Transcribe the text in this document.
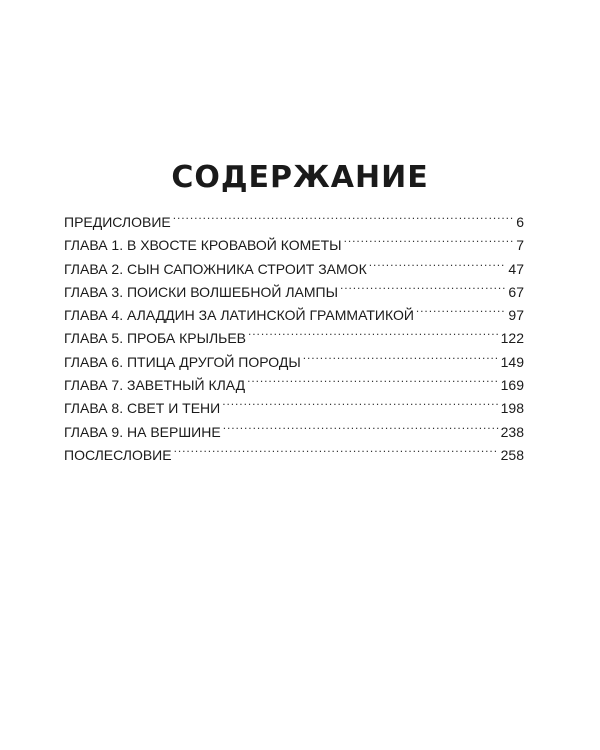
СОДЕРЖАНИЕ
ПРЕДИСЛОВИЕ . . .	6
ГЛАВА 1. В ХВОСТЕ КРОВАВОЙ КОМЕТЫ . . .	7
ГЛАВА 2. СЫН САПОЖНИКА СТРОИТ ЗАМОК . . .	47
ГЛАВА 3. ПОИСКИ ВОЛШЕБНОЙ ЛАМПЫ . . .	67
ГЛАВА 4. АЛАДДИН ЗА ЛАТИНСКОЙ ГРАММАТИКОЙ . . .	97
ГЛАВА 5. ПРОБА КРЫЛЬЕВ . . .	122
ГЛАВА 6. ПТИЦА ДРУГОЙ ПОРОДЫ . . .	149
ГЛАВА 7. ЗАВЕТНЫЙ КЛАД . . .	169
ГЛАВА 8. СВЕТ И ТЕНИ . . .	198
ГЛАВА 9. НА ВЕРШИНЕ . . .	238
ПОСЛЕСЛОВИЕ . . .	258
